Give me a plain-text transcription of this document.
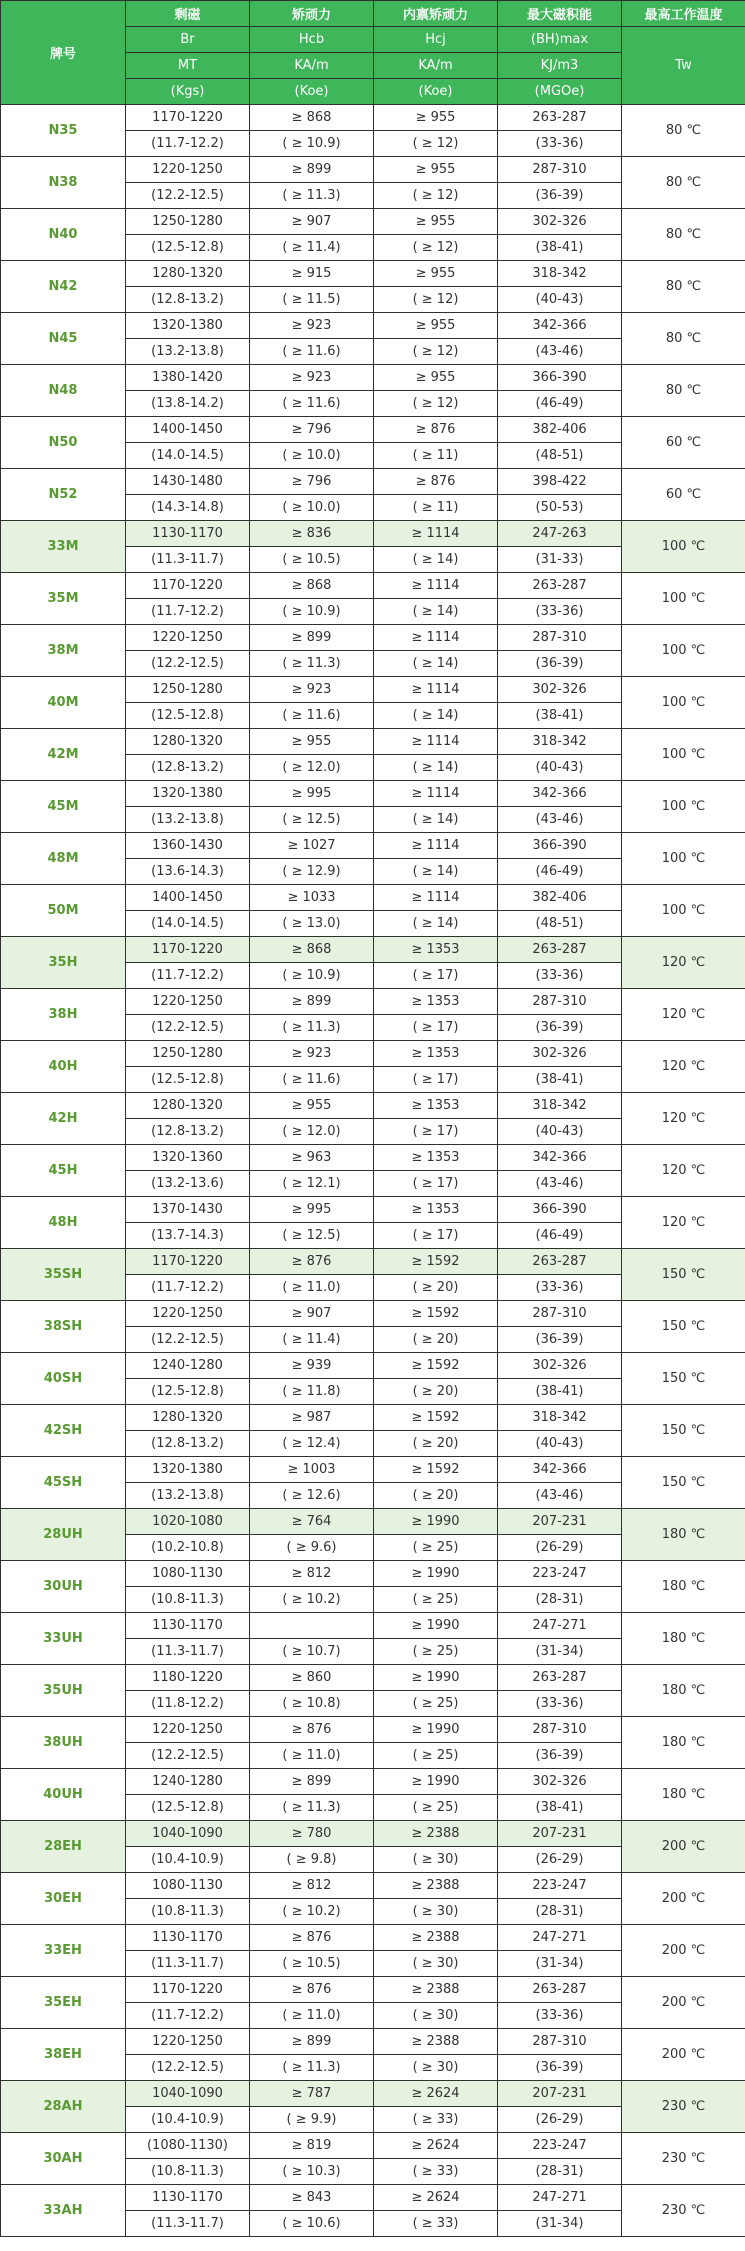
牌号	剩磁	矫顽力	内禀矫顽力	最大磁积能	最高工作温度
	Br	Hcb	Hcj	(BH)max	Tw
	MT	KA/m	KA/m	KJ/m3	
	(Kgs)	(Koe)	(Koe)	(MGOe)	
N35	1170-1220	≥ 868	≥ 955	263-287	80 ℃
	(11.7-12.2)	( ≥ 10.9)	( ≥ 12)	(33-36)	
N38	1220-1250	≥ 899	≥ 955	287-310	80 ℃
	(12.2-12.5)	( ≥ 11.3)	( ≥ 12)	(36-39)	
N40	1250-1280	≥ 907	≥ 955	302-326	80 ℃
	(12.5-12.8)	( ≥ 11.4)	( ≥ 12)	(38-41)	
N42	1280-1320	≥ 915	≥ 955	318-342	80 ℃
	(12.8-13.2)	( ≥ 11.5)	( ≥ 12)	(40-43)	
N45	1320-1380	≥ 923	≥ 955	342-366	80 ℃
	(13.2-13.8)	( ≥ 11.6)	( ≥ 12)	(43-46)	
N48	1380-1420	≥ 923	≥ 955	366-390	80 ℃
	(13.8-14.2)	( ≥ 11.6)	( ≥ 12)	(46-49)	
N50	1400-1450	≥ 796	≥ 876	382-406	60 ℃
	(14.0-14.5)	( ≥ 10.0)	( ≥ 11)	(48-51)	
N52	1430-1480	≥ 796	≥ 876	398-422	60 ℃
	(14.3-14.8)	( ≥ 10.0)	( ≥ 11)	(50-53)	
33M	1130-1170	≥ 836	≥ 1114	247-263	100 ℃
	(11.3-11.7)	( ≥ 10.5)	( ≥ 14)	(31-33)	
35M	1170-1220	≥ 868	≥ 1114	263-287	100 ℃
	(11.7-12.2)	( ≥ 10.9)	( ≥ 14)	(33-36)	
38M	1220-1250	≥ 899	≥ 1114	287-310	100 ℃
	(12.2-12.5)	( ≥ 11.3)	( ≥ 14)	(36-39)	
40M	1250-1280	≥ 923	≥ 1114	302-326	100 ℃
	(12.5-12.8)	( ≥ 11.6)	( ≥ 14)	(38-41)	
42M	1280-1320	≥ 955	≥ 1114	318-342	100 ℃
	(12.8-13.2)	( ≥ 12.0)	( ≥ 14)	(40-43)	
45M	1320-1380	≥ 995	≥ 1114	342-366	100 ℃
	(13.2-13.8)	( ≥ 12.5)	( ≥ 14)	(43-46)	
48M	1360-1430	≥ 1027	≥ 1114	366-390	100 ℃
	(13.6-14.3)	( ≥ 12.9)	( ≥ 14)	(46-49)	
50M	1400-1450	≥ 1033	≥ 1114	382-406	100 ℃
	(14.0-14.5)	( ≥ 13.0)	( ≥ 14)	(48-51)	
35H	1170-1220	≥ 868	≥ 1353	263-287	120 ℃
	(11.7-12.2)	( ≥ 10.9)	( ≥ 17)	(33-36)	
38H	1220-1250	≥ 899	≥ 1353	287-310	120 ℃
	(12.2-12.5)	( ≥ 11.3)	( ≥ 17)	(36-39)	
40H	1250-1280	≥ 923	≥ 1353	302-326	120 ℃
	(12.5-12.8)	( ≥ 11.6)	( ≥ 17)	(38-41)	
42H	1280-1320	≥ 955	≥ 1353	318-342	120 ℃
	(12.8-13.2)	( ≥ 12.0)	( ≥ 17)	(40-43)	
45H	1320-1360	≥ 963	≥ 1353	342-366	120 ℃
	(13.2-13.6)	( ≥ 12.1)	( ≥ 17)	(43-46)	
48H	1370-1430	≥ 995	≥ 1353	366-390	120 ℃
	(13.7-14.3)	( ≥ 12.5)	( ≥ 17)	(46-49)	
35SH	1170-1220	≥ 876	≥ 1592	263-287	150 ℃
	(11.7-12.2)	( ≥ 11.0)	( ≥ 20)	(33-36)	
38SH	1220-1250	≥ 907	≥ 1592	287-310	150 ℃
	(12.2-12.5)	( ≥ 11.4)	( ≥ 20)	(36-39)	
40SH	1240-1280	≥ 939	≥ 1592	302-326	150 ℃
	(12.5-12.8)	( ≥ 11.8)	( ≥ 20)	(38-41)	
42SH	1280-1320	≥ 987	≥ 1592	318-342	150 ℃
	(12.8-13.2)	( ≥ 12.4)	( ≥ 20)	(40-43)	
45SH	1320-1380	≥ 1003	≥ 1592	342-366	150 ℃
	(13.2-13.8)	( ≥ 12.6)	( ≥ 20)	(43-46)	
28UH	1020-1080	≥ 764	≥ 1990	207-231	180 ℃
	(10.2-10.8)	( ≥ 9.6)	( ≥ 25)	(26-29)	
30UH	1080-1130	≥ 812	≥ 1990	223-247	180 ℃
	(10.8-11.3)	( ≥ 10.2)	( ≥ 25)	(28-31)	
33UH	1130-1170		≥ 1990	247-271	180 ℃
	(11.3-11.7)	( ≥ 10.7)	( ≥ 25)	(31-34)	
35UH	1180-1220	≥ 860	≥ 1990	263-287	180 ℃
	(11.8-12.2)	( ≥ 10.8)	( ≥ 25)	(33-36)	
38UH	1220-1250	≥ 876	≥ 1990	287-310	180 ℃
	(12.2-12.5)	( ≥ 11.0)	( ≥ 25)	(36-39)	
40UH	1240-1280	≥ 899	≥ 1990	302-326	180 ℃
	(12.5-12.8)	( ≥ 11.3)	( ≥ 25)	(38-41)	
28EH	1040-1090	≥ 780	≥ 2388	207-231	200 ℃
	(10.4-10.9)	( ≥ 9.8)	( ≥ 30)	(26-29)	
30EH	1080-1130	≥ 812	≥ 2388	223-247	200 ℃
	(10.8-11.3)	( ≥ 10.2)	( ≥ 30)	(28-31)	
33EH	1130-1170	≥ 876	≥ 2388	247-271	200 ℃
	(11.3-11.7)	( ≥ 10.5)	( ≥ 30)	(31-34)	
35EH	1170-1220	≥ 876	≥ 2388	263-287	200 ℃
	(11.7-12.2)	( ≥ 11.0)	( ≥ 30)	(33-36)	
38EH	1220-1250	≥ 899	≥ 2388	287-310	200 ℃
	(12.2-12.5)	( ≥ 11.3)	( ≥ 30)	(36-39)	
28AH	1040-1090	≥ 787	≥ 2624	207-231	230 ℃
	(10.4-10.9)	( ≥ 9.9)	( ≥ 33)	(26-29)	
30AH	(1080-1130)	≥ 819	≥ 2624	223-247	230 ℃
	(10.8-11.3)	( ≥ 10.3)	( ≥ 33)	(28-31)	
33AH	1130-1170	≥ 843	≥ 2624	247-271	230 ℃
	(11.3-11.7)	( ≥ 10.6)	( ≥ 33)	(31-34)	
